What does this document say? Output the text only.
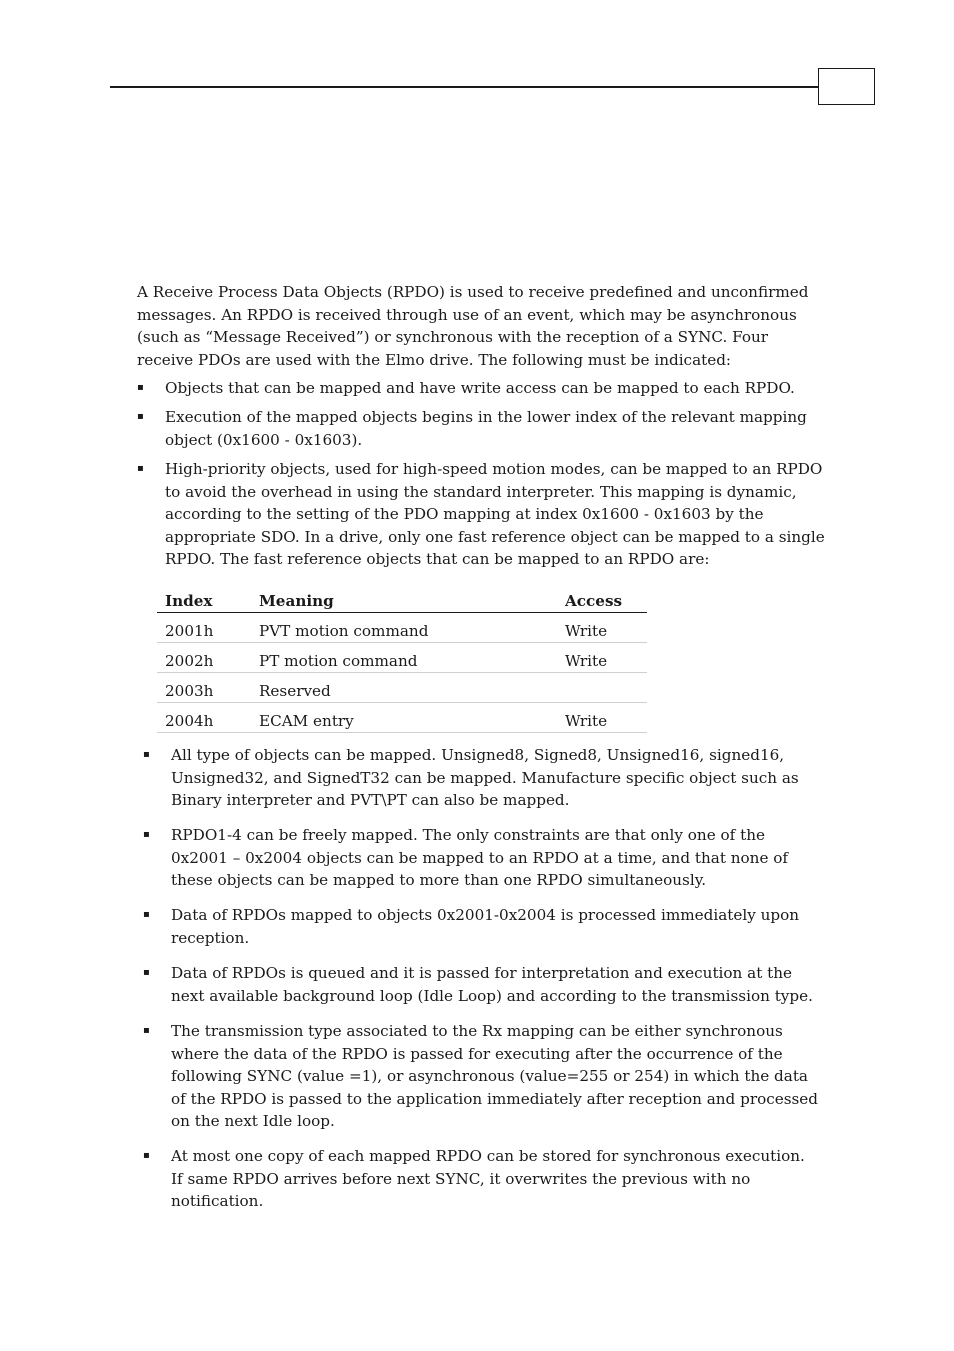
A Receive Process Data Objects (RPDO) is used to receive predefined and unconfirmed messages. An RPDO is received through use of an event, which may be asynchronous (such as “Message Received”) or synchronous with the reception of a SYNC. Four receive PDOs are used with the Elmo drive. The following must be indicated:

▪ Objects that can be mapped and have write access can be mapped to each RPDO.
▪ Execution of the mapped objects begins in the lower index of the relevant mapping object (0x1600 - 0x1603).
▪ High-priority objects, used for high-speed motion modes, can be mapped to an RPDO to avoid the overhead in using the standard interpreter. This mapping is dynamic, according to the setting of the PDO mapping at index 0x1600 - 0x1603 by the appropriate SDO. In a drive, only one fast reference object can be mapped to a single RPDO. The fast reference objects that can be mapped to an RPDO are:
Index	Meaning	Access
2001h	PVT motion command	Write
2002h	PT motion command	Write
2003h	Reserved	
2004h	ECAM entry	Write
▪ All type of objects can be mapped. Unsigned8, Signed8, Unsigned16, signed16, Unsigned32, and SignedT32 can be mapped. Manufacture specific object such as Binary interpreter and PVT\PT can also be mapped.
▪ RPDO1-4 can be freely mapped. The only constraints are that only one of the 0x2001 – 0x2004 objects can be mapped to an RPDO at a time, and that none of these objects can be mapped to more than one RPDO simultaneously.
▪ Data of RPDOs mapped to objects 0x2001-0x2004 is processed immediately upon reception.
▪ Data of RPDOs is queued and it is passed for interpretation and execution at the next available background loop (Idle Loop) and according to the transmission type.
▪ The transmission type associated to the Rx mapping can be either synchronous where the data of the RPDO is passed for executing after the occurrence of the following SYNC (value =1), or asynchronous (value=255 or 254) in which the data of the RPDO is passed to the application immediately after reception and processed on the next Idle loop.
▪ At most one copy of each mapped RPDO can be stored for synchronous execution. If same RPDO arrives before next SYNC, it overwrites the previous with no notification.
